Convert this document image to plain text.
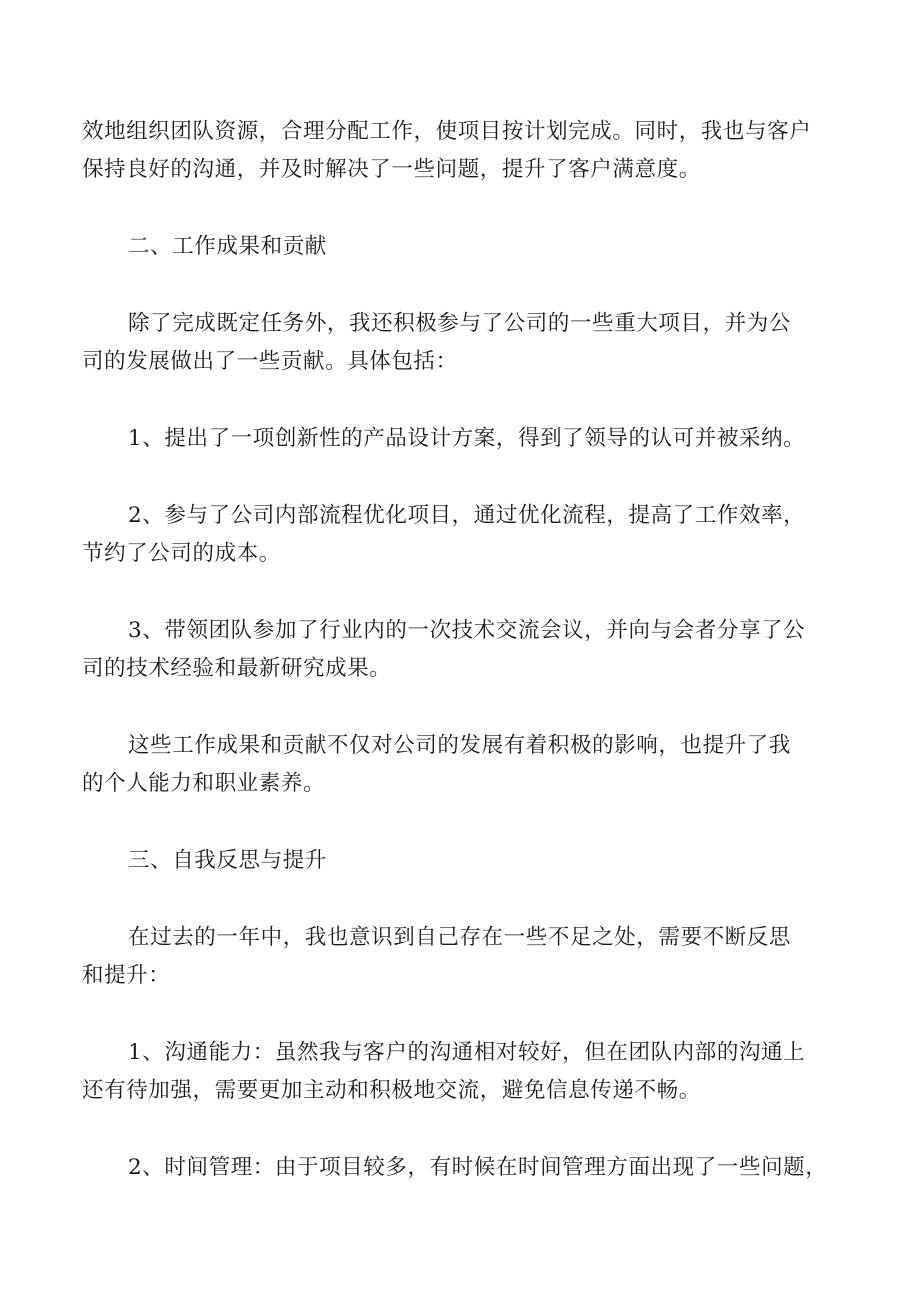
效地组织团队资源，合理分配工作，使项目按计划完成。同时，我也与客户
保持良好的沟通，并及时解决了一些问题，提升了客户满意度。

二、工作成果和贡献

除了完成既定任务外，我还积极参与了公司的一些重大项目，并为公
司的发展做出了一些贡献。具体包括：

1、提出了一项创新性的产品设计方案，得到了领导的认可并被采纳。

2、参与了公司内部流程优化项目，通过优化流程，提高了工作效率，
节约了公司的成本。

3、带领团队参加了行业内的一次技术交流会议，并向与会者分享了公
司的技术经验和最新研究成果。

这些工作成果和贡献不仅对公司的发展有着积极的影响，也提升了我
的个人能力和职业素养。

三、自我反思与提升

在过去的一年中，我也意识到自己存在一些不足之处，需要不断反思
和提升：

1、沟通能力：虽然我与客户的沟通相对较好，但在团队内部的沟通上
还有待加强，需要更加主动和积极地交流，避免信息传递不畅。

2、时间管理：由于项目较多，有时候在时间管理方面出现了一些问题，
